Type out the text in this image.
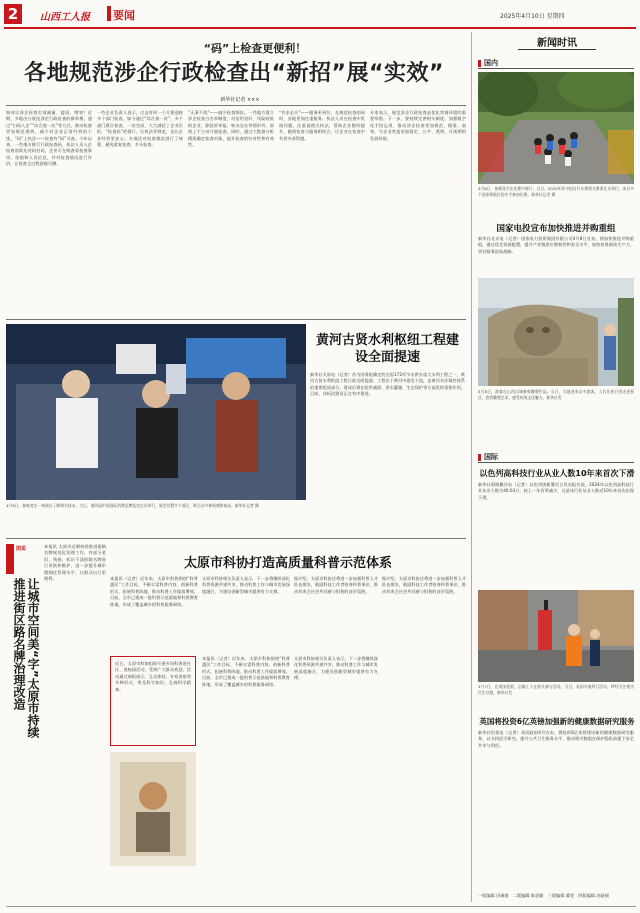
2	山西工人报 要闻	2025年4月10日 星期四
“码”上检查更便利！
各地规范涉企行政检查出“新招”展“实效”
新华社记者 ×××
如何让涉企检查实现减量、提质、增效？近期，多地出台规范涉企行政检查的新举措，通过“扫码入企”“综合查一次”等方式，推动检查更加规范透明，减少对企业正常经营的干扰。“码”上执法——检查有“码”可查。今年以来，一些地方推行行政检查码，执法人员入企检查前需先亮码扫码，企业可在线查看检查事项、依据和人员信息，并对检查情况进行评价，让检查全过程留痕可溯。
一些企业负责人表示，过去有时一个月要迎接多个部门检查，如今通过“综合查一次”，多个部门联合检查，一次完成，大大减轻了企业负担。“检查码”的推行，让执法更规范，也让企业经营更安心。多地还对检查频次进行了统筹，避免重复检查、多头检查。
“无事不扰”——减少检查频次。一些地方建立涉企检查白名单制度，对信用良好、风险较低的企业，除投诉举报、转办交办等情形外，原则上不主动开展检查。同时，通过大数据分析精准确定检查对象，提升检查的针对性和有效性。
“有求必应”——服务更到位。在规范检查的同时，各地更加注重服务。执法人员在检查中发现问题，注重说理式执法，帮助企业整改提升，做到检查与服务相结合，让企业在检查中有更多获得感。
专家表示，规范涉企行政检查是优化营商环境的重要举措。下一步，要持续完善相关制度，加强数字化手段运用，推动涉企检查更加规范、精准、高效，为企业营造更加稳定、公平、透明、可预期的发展环境。
新闻时讯
国内
4月8日，参赛选手在比赛中骑行。当日，2025年环中国自行车赛相关赛事在京举行，来自多个国家和地区的车手参加比赛。新华社记者 摄
国家电投宣布加快推进并购重组
新华社北京电（记者）国家电力投资集团有限公司4月8日宣布，将加快推进并购重组，通过优化资源配置，提升产业链供应链韧性和安全水平，加快培育新质生产力，更好服务国家战略。
4月8日，游客在山西运城参观雕塑作品。当日，当地迎来众多游客，人们在春日里走进景区，欣赏雕塑艺术，感受传统文化魅力。新华社发
国际
以色列高科技行业从业人数10年来首次下滑
新华社耶路撒冷电（记者）以色列创新署近日发布报告说，2024年以色列高科技行业从业人数为40.03万，较上一年有所减少，这是该行业从业人数近10年来首次出现下滑。
4月7日，在英国伦敦，运输工人在街头参与活动。当日，英国多地举行活动，呼吁关注相关民生议题。新华社发
英国将投资6亿英镑加强新的健康数据研究服务
新华社伦敦电（记者）英国政府4月宣布，将投资6亿英镑建设新的健康数据研究服务，以支持医学研究，提升公共卫生服务水平，推动相关数据在保护隐私前提下安全共享与利用。
4月8日，参观者在一家展台了解相关技术。当日，第四届中国国际消费品博览会在京举行，展会设置多个展区，吸引众多参展商和观众。新华社记者 摄
黄河古贤水利枢纽工程建设全面提速
新华社太原电（记者）作为国务院确定的全国172项节水供水重大水利工程之一，黄河古贤水利枢纽工程日前全面提速。工程位于黄河中游北干流，是黄河水沙调控体系的重要组成部分，建成后将在防洪减淤、供水灌溉、生态保护等方面发挥重要作用。目前，各标段建设正在有序推进。
让城市空间美“字”太原市持续推进街区路名牌治理改造
图说	本报讯 太原市近期持续推进街路名牌规范化治理工作，对部分老旧、残损、标识不清的路名牌进行更换和维护，进一步提升城市精细化管理水平，让群众出行更便利。
太原市科协打造高质量科普示范体系
本报讯（记者）近年来，太原市科协围绕“科普惠民”工作目标，不断丰富科普内容、创新科普形式、拓展科普阵地，推动科普工作提质增效。目前，全市已建成一批科普示范基地和科普教育阵地，形成了覆盖城乡的科普服务网络。
太原市科协相关负责人表示，下一步将继续深化科普资源共建共享，推动科普工作与城市发展深度融合，为建设创新型城市提供有力支撑。
据介绍，太原市科协还将进一步加强科普人才队伍建设，鼓励科技工作者投身科普事业，推动形成全社会共同参与科普的良好氛围。
近日，太原市科协组织开展多场科普进社区、进校园活动，受到广大群众欢迎。活动通过展板展示、互动体验、专家讲座等多种形式，普及科学知识，弘扬科学精神。
本报讯（记者）近年来，太原市科协围绕“科普惠民”工作目标，不断丰富科普内容、创新科普形式、拓展科普阵地，推动科普工作提质增效。目前，全市已建成一批科普示范基地和科普教育阵地，形成了覆盖城乡的科普服务网络。
太原市科协相关负责人表示，下一步将继续深化科普资源共建共享，推动科普工作与城市发展深度融合，为建设创新型城市提供有力支撑。
据介绍，太原市科协还将进一步加强科普人才队伍建设，鼓励科技工作者投身科普事业，推动形成全社会共同参与科普的良好氛围。
一版编辑 田瑞群　二版编辑 陈思颖　三版编辑 冀雯　四版编辑 苏晓丽
